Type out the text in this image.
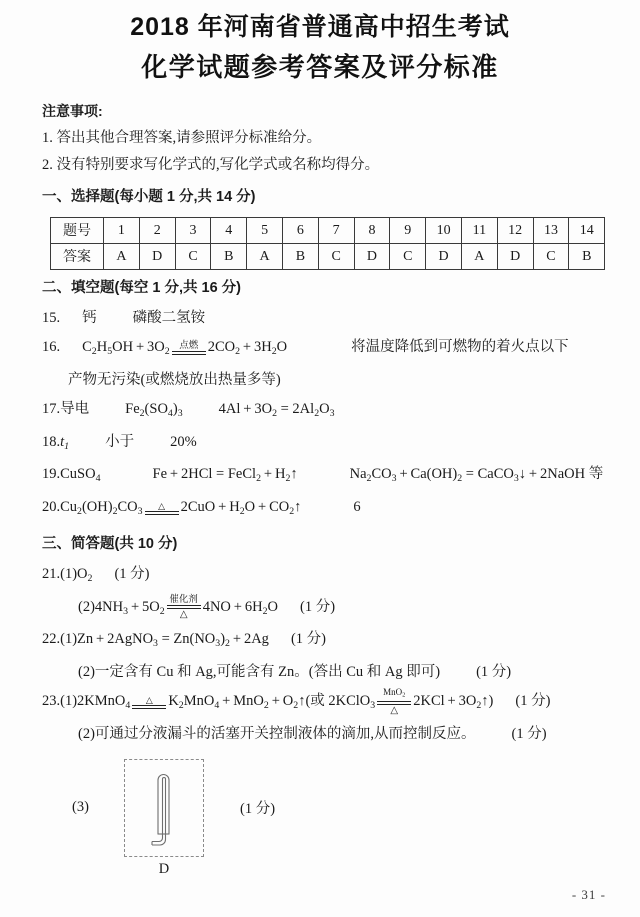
2018 年河南省普通高中招生考试
化学试题参考答案及评分标准
注意事项:
1. 答出其他合理答案,请参照评分标准给分。
2. 没有特别要求写化学式的,写化学式或名称均得分。
一、选择题(每小题 1 分,共 14 分)
题号	1	2	3	4	5	6	7	8	9	10	11	12	13	14
答案	A	D	C	B	A	B	C	D	C	D	A	D	C	B
二、填空题(每空 1 分,共 16 分)
15. 钙 磷酸二氢铵
16. $C_2H_5OH + 3O_2$
点燃 $2CO_2 + 3H_2O$	将温度降低到可燃物的着火点以下
产物无污染(或燃烧放出热量多等)
17.导电 $Fe_2(SO_4)_3$ $4Al + 3O_2 = 2Al_2O_3$
$18.t_1$ 小于 20%
19.CuSO$_4$	Fe + 2HCl = FeCl$_2$ + $H_2↑$	$Na_2CO_3 + Ca(OH)_2$ = CaCO$_3$↓ + 2NaOH 等
$20.Cu_2(OH)_2CO_3$
△	$2CuO + H_2O$ + $CO_2↑$	6
三、简答题(共 10 分)
$21.(1)O_2$ (1 分)
$(2)4NH_3 + 5O_2$
催化剂
△	$4NO + 6H_2O$ (1 分)
22.(1)Zn + 2AgNO$_3$ = $Zn(NO_3)_2 + 2Ag$ (1 分)
(2)一定含有 Cu 和 Ag,可能含有 Zn。(答出 Cu 和 Ag 即可) (1 分)
23.(1)2KMnO$_4$
△	$K_2MnO_4 + MnO_2$ + $O_2↑$(或 2KClO$_3$
MnO$_2$
△
$2KCl + 3O_2↑$) (1 分)
(2)可通过分液漏斗的活塞开关控制液体的滴加,从而控制反应。 (1 分)
(3)	(1 分)
D
- 31 -
